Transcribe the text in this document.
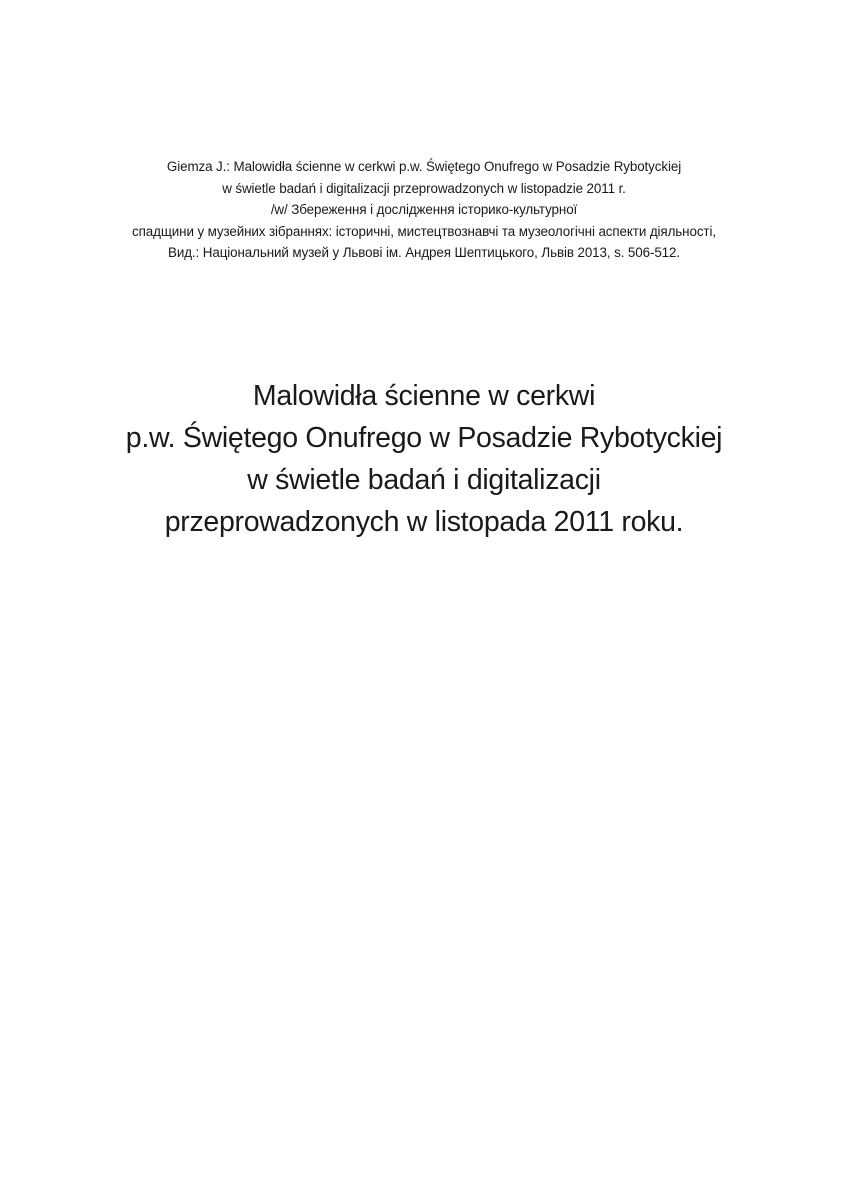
Giemza J.: Malowidła ścienne w cerkwi p.w. Świętego Onufrego w Posadzie Rybotyckiej
w świetle badań i digitalizacji przeprowadzonych w listopadzie 2011 r.
/w/ Збереження і дослідження історико-культурної
спадщини у музейних зібраннях: історичні, мистецтвознавчі та музеологічні аспекти діяльності,
Вид.: Національний музей у Львові ім. Андрея Шептицького, Львів 2013, s. 506-512.
Malowidła ścienne w cerkwi
p.w. Świętego Onufrego w Posadzie Rybotyckiej
w świetle badań i digitalizacji
przeprowadzonych w listopada 2011 roku.
